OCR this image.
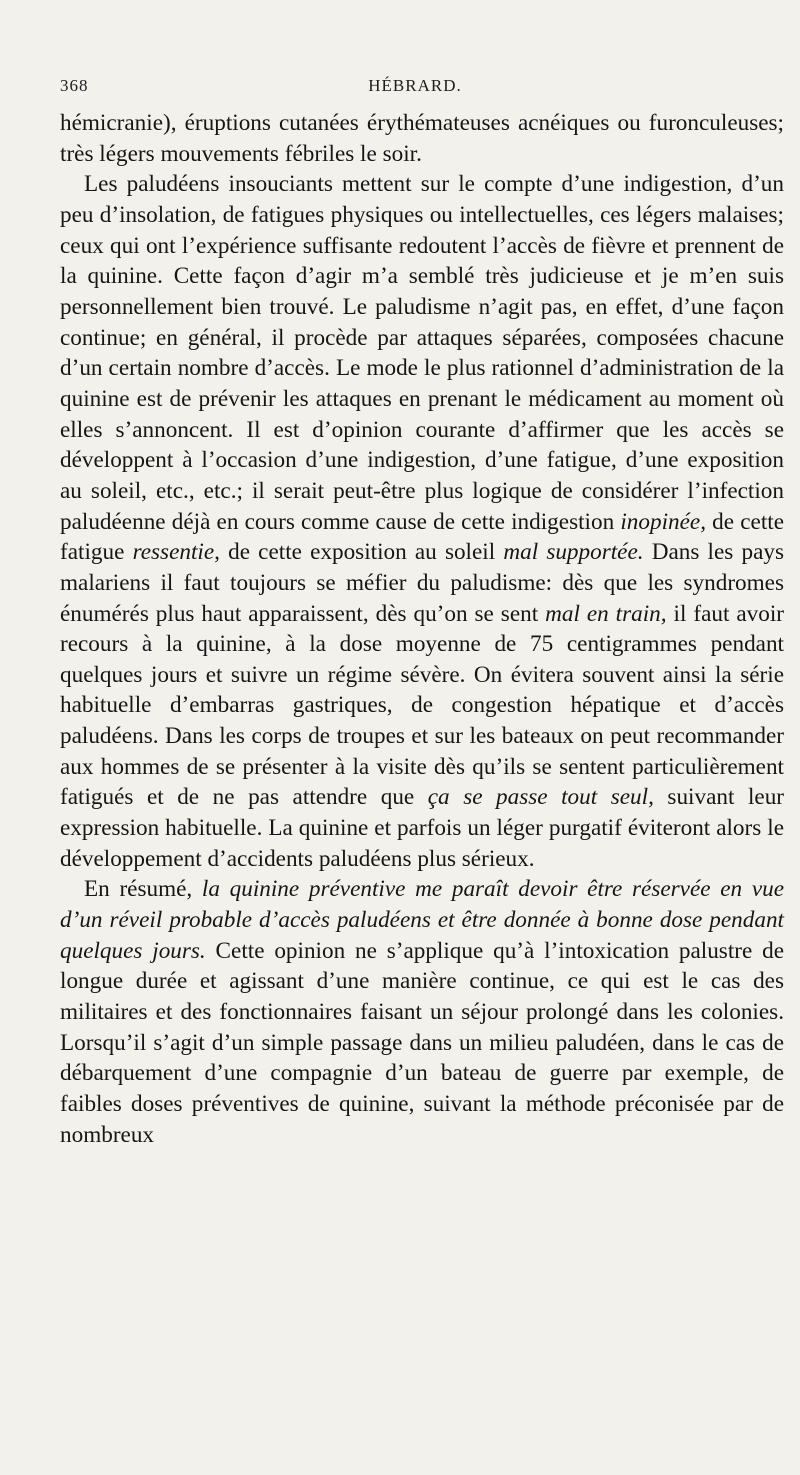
368	HÉBRARD.

hémicranie), éruptions cutanées érythémateuses acnéiques ou furonculeuses; très légers mouvements fébriles le soir.

Les paludéens insouciants mettent sur le compte d’une indigestion, d’un peu d’insolation, de fatigues physiques ou intellectuelles, ces légers malaises; ceux qui ont l’expérience suffisante redoutent l’accès de fièvre et prennent de la quinine. Cette façon d’agir m’a semblé très judicieuse et je m’en suis personnellement bien trouvé. Le paludisme n’agit pas, en effet, d’une façon continue; en général, il procède par attaques séparées, composées chacune d’un certain nombre d’accès. Le mode le plus rationnel d’administration de la quinine est de prévenir les attaques en prenant le médicament au moment où elles s’annoncent. Il est d’opinion courante d’affirmer que les accès se développent à l’occasion d’une indigestion, d’une fatigue, d’une exposition au soleil, etc., etc.; il serait peut-être plus logique de considérer l’infection paludéenne déjà en cours comme cause de cette indigestion inopinée, de cette fatigue ressentie, de cette exposition au soleil mal supportée. Dans les pays malariens il faut toujours se méfier du paludisme: dès que les syndromes énumérés plus haut apparaissent, dès qu’on se sent mal en train, il faut avoir recours à la quinine, à la dose moyenne de 75 centigrammes pendant quelques jours et suivre un régime sévère. On évitera souvent ainsi la série habituelle d’embarras gastriques, de congestion hépatique et d’accès paludéens. Dans les corps de troupes et sur les bateaux on peut recommander aux hommes de se présenter à la visite dès qu’ils se sentent particulièrement fatigués et de ne pas attendre que ça se passe tout seul, suivant leur expression habituelle. La quinine et parfois un léger purgatif éviteront alors le développement d’accidents paludéens plus sérieux.

En résumé, la quinine préventive me paraît devoir être réservée en vue d’un réveil probable d’accès paludéens et être donnée à bonne dose pendant quelques jours. Cette opinion ne s’applique qu’à l’intoxication palustre de longue durée et agissant d’une manière continue, ce qui est le cas des militaires et des fonctionnaires faisant un séjour prolongé dans les colonies. Lorsqu’il s’agit d’un simple passage dans un milieu paludéen, dans le cas de débarquement d’une compagnie d’un bateau de guerre par exemple, de faibles doses préventives de quinine, suivant la méthode préconisée par de nombreux
